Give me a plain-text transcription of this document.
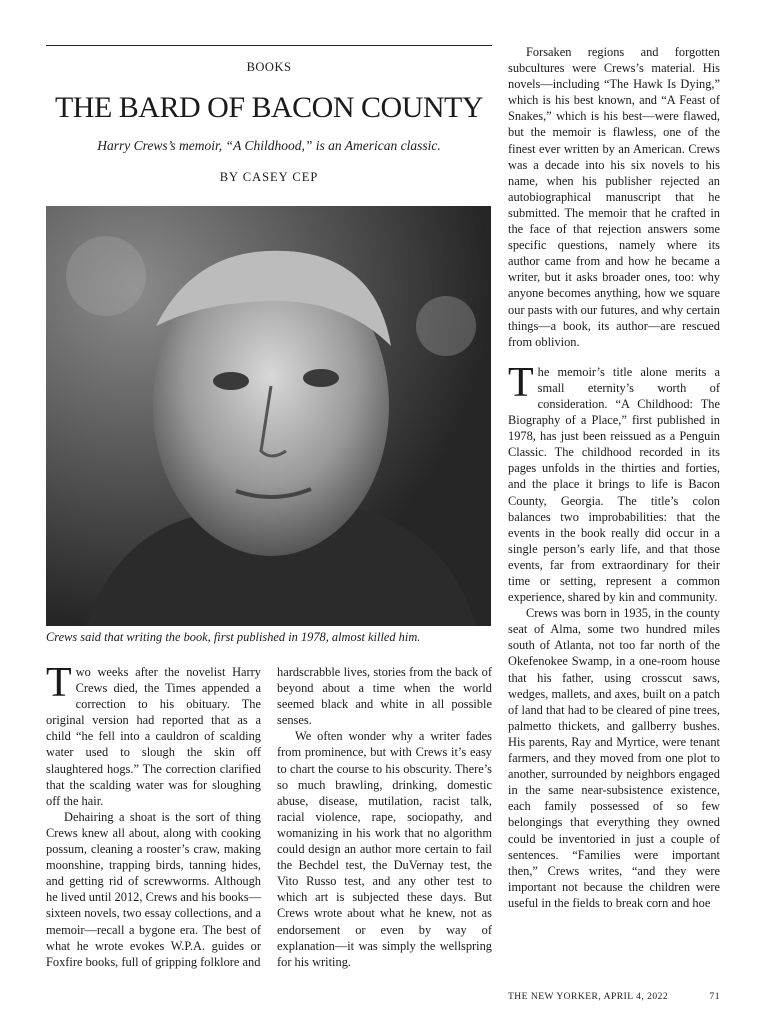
BOOKS
THE BARD OF BACON COUNTY
Harry Crews’s memoir, “A Childhood,” is an American classic.
BY CASEY CEP
Crews said that writing the book, first published in 1978, almost killed him.

Two weeks after the novelist Harry Crews died, the Times appended a correction to his obituary. The original version had reported that as a child “he fell into a cauldron of scalding water used to slough the skin off slaughtered hogs.” The correction clarified that the scalding water was for sloughing off the hair.

Dehairing a shoat is the sort of thing Crews knew all about, along with cooking possum, cleaning a rooster’s craw, making moonshine, trapping birds, tanning hides, and getting rid of screwworms. Although he lived until 2012, Crews and his books—sixteen novels, two essay collections, and a memoir—recall a bygone era. The best of what he wrote evokes W.P.A. guides or Foxfire books, full of gripping folklore and

hardscrabble lives, stories from the back of beyond about a time when the world seemed black and white in all possible senses.

We often wonder why a writer fades from prominence, but with Crews it’s easy to chart the course to his obscurity. There’s so much brawling, drinking, domestic abuse, disease, mutilation, racist talk, racial violence, rape, sociopathy, and womanizing in his work that no algorithm could design an author more certain to fail the Bechdel test, the DuVernay test, the Vito Russo test, and any other test to which art is subjected these days. But Crews wrote about what he knew, not as endorsement or even by way of explanation—it was simply the wellspring for his writing.

Forsaken regions and forgotten subcultures were Crews’s material. His novels—including “The Hawk Is Dying,” which is his best known, and “A Feast of Snakes,” which is his best—were flawed, but the memoir is flawless, one of the finest ever written by an American. Crews was a decade into his six novels to his name, when his publisher rejected an autobiographical manuscript that he submitted. The memoir that he crafted in the face of that rejection answers some specific questions, namely where its author came from and how he became a writer, but it asks broader ones, too: why anyone becomes anything, how we square our pasts with our futures, and why certain things—a book, its author—are rescued from oblivion.

The memoir’s title alone merits a small eternity’s worth of consideration. “A Childhood: The Biography of a Place,” first published in 1978, has just been reissued as a Penguin Classic. The childhood recorded in its pages unfolds in the thirties and forties, and the place it brings to life is Bacon County, Georgia. The title’s colon balances two improbabilities: that the events in the book really did occur in a single person’s early life, and that those events, far from extraordinary for their time or setting, represent a common experience, shared by kin and community.

Crews was born in 1935, in the county seat of Alma, some two hundred miles south of Atlanta, not too far north of the Okefenokee Swamp, in a one-room house that his father, using crosscut saws, wedges, mallets, and axes, built on a patch of land that had to be cleared of pine trees, palmetto thickets, and gallberry bushes. His parents, Ray and Myrtice, were tenant farmers, and they moved from one plot to another, surrounded by neighbors engaged in the same near-subsistence existence, each family possessed of so few belongings that everything they owned could be inventoried in just a couple of sentences. “Families were important then,” Crews writes, “and they were important not because the children were useful in the fields to break corn and hoe

THE NEW YORKER, APRIL 4, 2022	71
